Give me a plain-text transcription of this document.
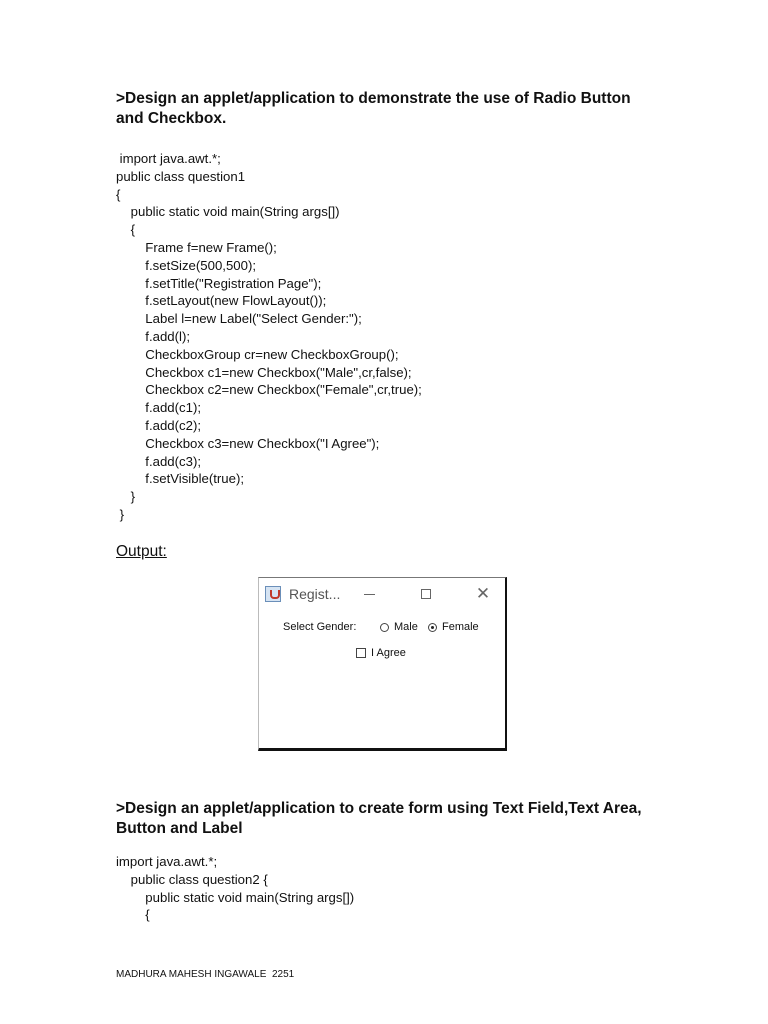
>Design an applet/application to demonstrate the use of Radio Button
and Checkbox.
import java.awt.*;
public class question1
{
public static void main(String args[])
{
Frame f=new Frame();
f.setSize(500,500);
f.setTitle("Registration Page");
f.setLayout(new FlowLayout());
Label l=new Label("Select Gender:");
f.add(l);
CheckboxGroup cr=new CheckboxGroup();
Checkbox c1=new Checkbox("Male",cr,false);
Checkbox c2=new Checkbox("Female",cr,true);
f.add(c1);
f.add(c2);
Checkbox c3=new Checkbox("I Agree");
f.add(c3);
f.setVisible(true);
}
}
Output:
Regist...	✕
Select Gender:	Male Female
I Agree
>Design an applet/application to create form using Text Field,Text Area,
Button and Label
import java.awt.*;
public class question2 {
public static void main(String args[])
{
MADHURA MAHESH INGAWALE  2251
